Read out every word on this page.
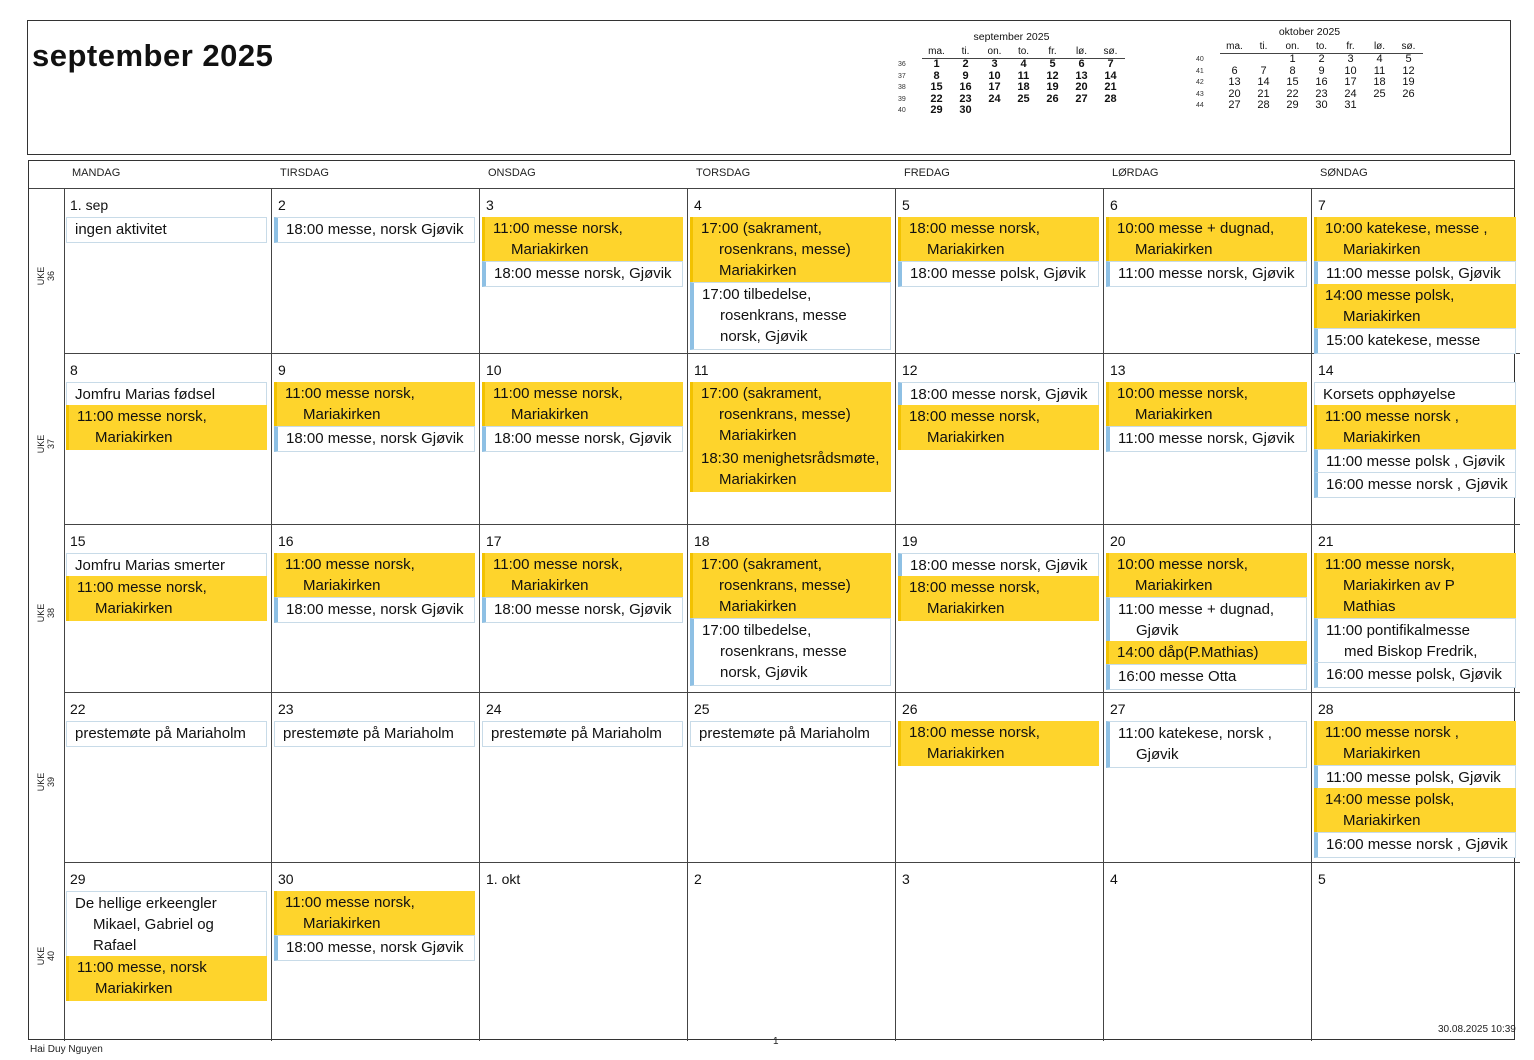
september 2025
september 2025
	ma.	ti.	on.	to.	fr.	lø.	sø.
36	1	2	3	4	5	6	7
37	8	9	10	11	12	13	14
38	15	16	17	18	19	20	21
39	22	23	24	25	26	27	28
40	29	30					
oktober 2025
	ma.	ti.	on.	to.	fr.	lø.	sø.
40			1	2	3	4	5
41	6	7	8	9	10	11	12
42	13	14	15	16	17	18	19
43	20	21	22	23	24	25	26
44	27	28	29	30	31		
MANDAG	TIRSDAG	ONSDAG	TORSDAG	FREDAG	LØRDAG	SØNDAG
UKE 36
1. sep
ingen aktivitet
2
18:00 messe, norsk Gjøvik
3
11:00 messe norsk,
Mariakirken
18:00 messe norsk, Gjøvik
4
17:00 (sakrament,
rosenkrans, messe)
Mariakirken
17:00 tilbedelse,
rosenkrans, messe
norsk, Gjøvik
5
18:00 messe norsk,
Mariakirken
18:00 messe polsk, Gjøvik
6
10:00 messe + dugnad,
Mariakirken
11:00 messe norsk, Gjøvik
7
10:00 katekese, messe ,
Mariakirken
11:00 messe polsk, Gjøvik
14:00 messe polsk,
Mariakirken
15:00 katekese, messe
UKE 37
8
Jomfru Marias fødsel
11:00 messe norsk,
Mariakirken
9
11:00 messe norsk,
Mariakirken
18:00 messe, norsk Gjøvik
10
11:00 messe norsk,
Mariakirken
18:00 messe norsk, Gjøvik
11
17:00 (sakrament,
rosenkrans, messe)
Mariakirken
18:30 menighetsrådsmøte,
Mariakirken
12
18:00 messe norsk, Gjøvik
18:00 messe norsk,
Mariakirken
13
10:00 messe norsk,
Mariakirken
11:00 messe norsk, Gjøvik
14
Korsets opphøyelse
11:00 messe norsk ,
Mariakirken
11:00 messe polsk , Gjøvik
16:00 messe norsk , Gjøvik
UKE 38
15
Jomfru Marias smerter
11:00 messe norsk,
Mariakirken
16
11:00 messe norsk,
Mariakirken
18:00 messe, norsk Gjøvik
17
11:00 messe norsk,
Mariakirken
18:00 messe norsk, Gjøvik
18
17:00 (sakrament,
rosenkrans, messe)
Mariakirken
17:00 tilbedelse,
rosenkrans, messe
norsk, Gjøvik
19
18:00 messe norsk, Gjøvik
18:00 messe norsk,
Mariakirken
20
10:00 messe norsk,
Mariakirken
11:00 messe + dugnad,
Gjøvik
14:00 dåp(P.Mathias)
16:00 messe Otta
21
11:00 messe norsk,
Mariakirken av P
Mathias
11:00 pontifikalmesse
med Biskop Fredrik,
16:00 messe polsk, Gjøvik
UKE 39
22
prestemøte på Mariaholm
23
prestemøte på Mariaholm
24
prestemøte på Mariaholm
25
prestemøte på Mariaholm
26
18:00 messe norsk,
Mariakirken
27
11:00 katekese, norsk ,
Gjøvik
28
11:00 messe norsk ,
Mariakirken
11:00 messe polsk, Gjøvik
14:00 messe polsk,
Mariakirken
16:00 messe norsk , Gjøvik
UKE 40
29
De hellige erkeengler
Mikael, Gabriel og
Rafael
11:00 messe, norsk
Mariakirken
30
11:00 messe norsk,
Mariakirken
18:00 messe, norsk Gjøvik
1. okt	2	3	4	5
Hai Duy Nguyen
1
30.08.2025 10:39
